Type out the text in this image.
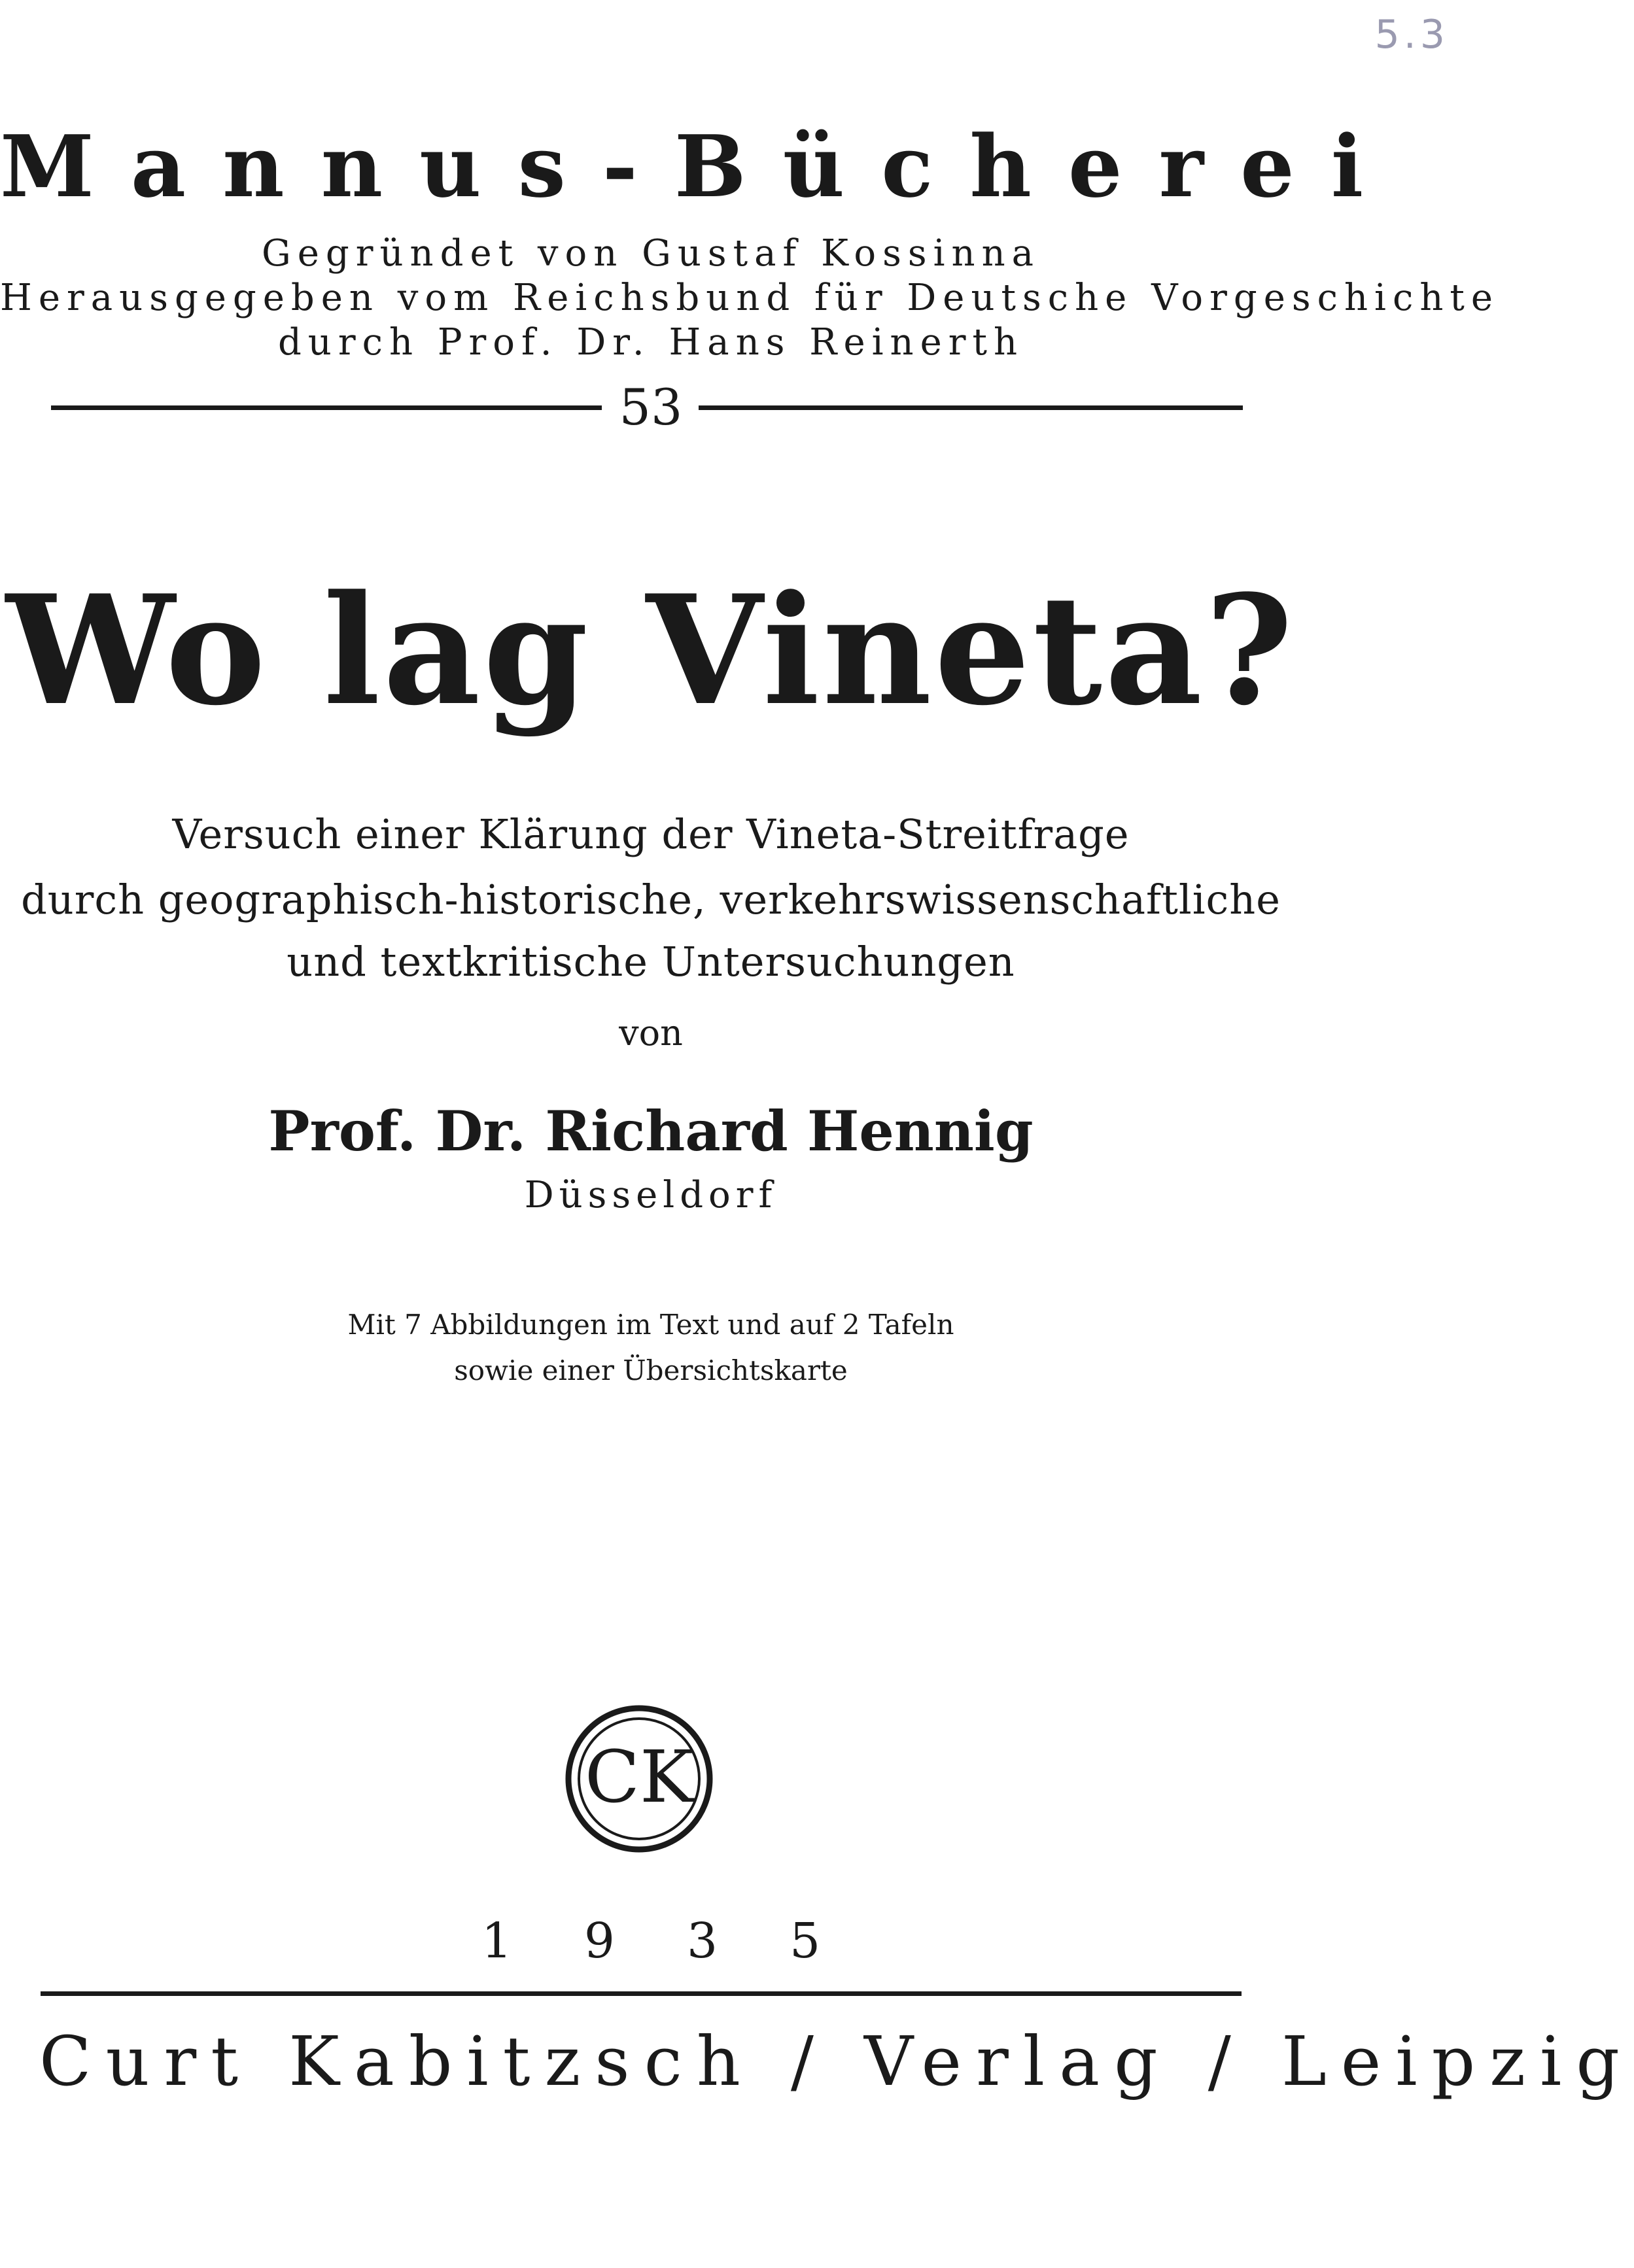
5.3
Mannus-Bücherei
Gegründet von Gustaf Kossinna
Herausgegeben vom Reichsbund für Deutsche Vorgeschichte
durch Prof. Dr. Hans Reinerth
53
Wo lag Vineta?
Versuch einer Klärung der Vineta-Streitfrage
durch geographisch-historische, verkehrswissenschaftliche
und textkritische Untersuchungen
von
Prof. Dr. Richard Hennig
Düsseldorf
Mit 7 Abbildungen im Text und auf 2 Tafeln
sowie einer Übersichtskarte
CK
1935
Curt Kabitzsch / Verlag / Leipzig
